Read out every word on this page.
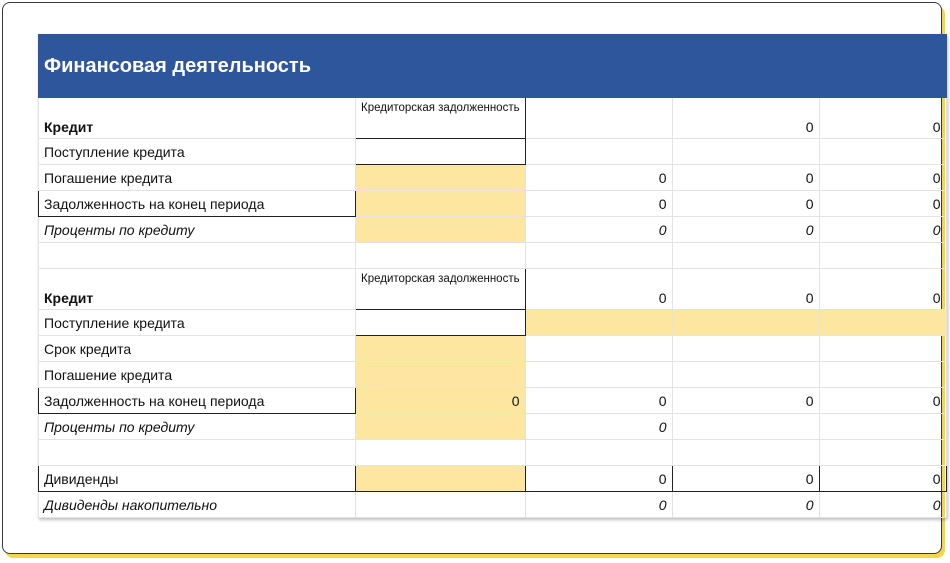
Финансовая деятельность				
Кредит	Кредиторская задолженность		0	0
Поступление кредита				
Погашение кредита		0	0	0
Задолженность на конец периода		0	0	0
Проценты по кредиту		0	0	0

Кредит	Кредиторская задолженность	0	0	0
Поступление кредита				
Срок кредита				
Погашение кредита				
Задолженность на конец периода	0	0	0	0
Проценты по кредиту		0		

Дивиденды		0	0	0
Дивиденды накопительно		0	0	0
